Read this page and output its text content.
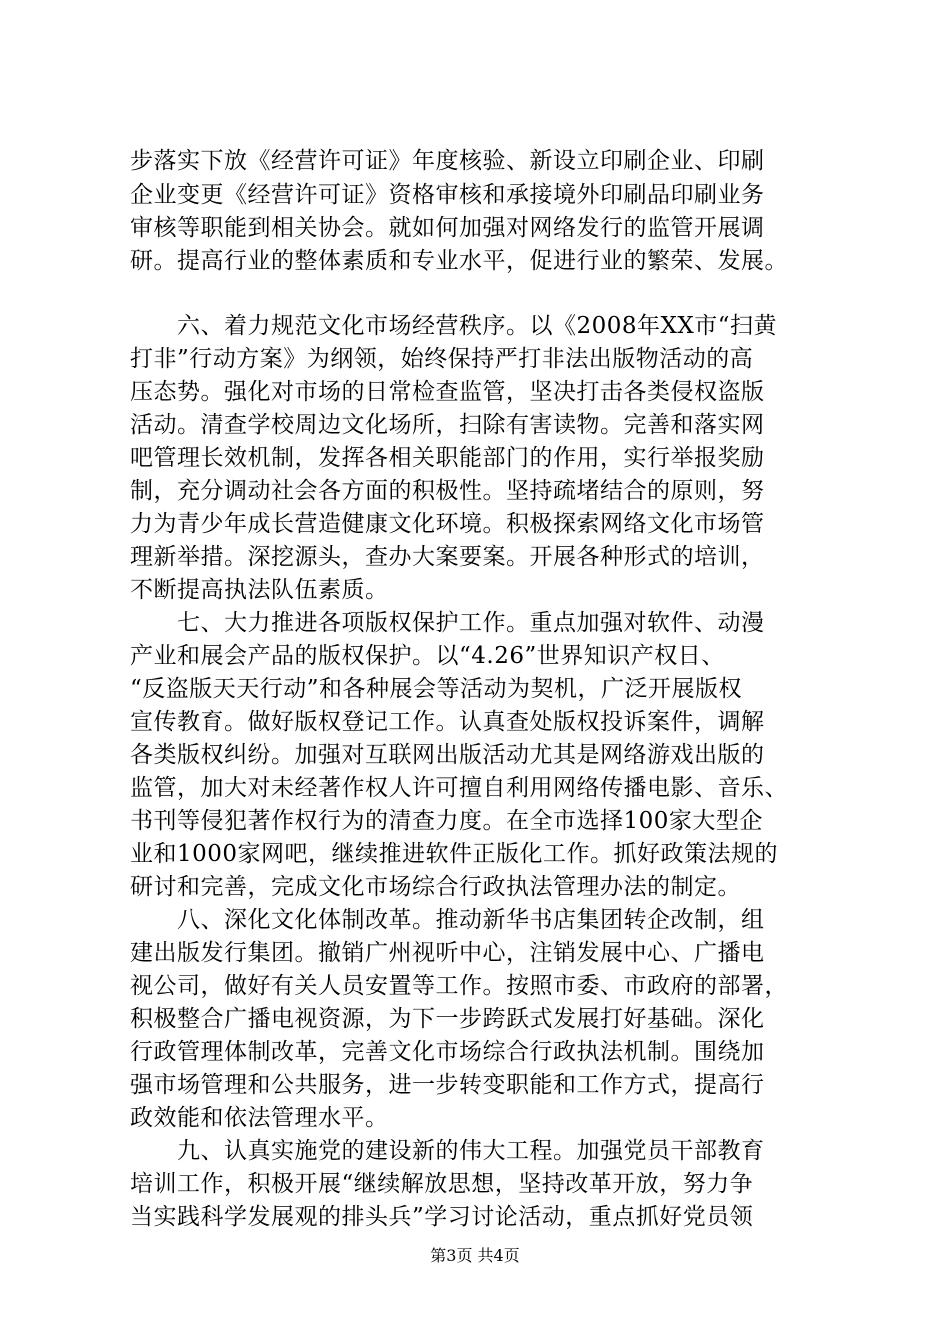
步落实下放《经营许可证》年度核验、新设立印刷企业、印刷
企业变更《经营许可证》资格审核和承接境外印刷品印刷业务
审核等职能到相关协会。就如何加强对网络发行的监管开展调
研。提高行业的整体素质和专业水平，促进行业的繁荣、发展。
　　六、着力规范文化市场经营秩序。以《2008年XX市“扫黄
打非”行动方案》为纲领，始终保持严打非法出版物活动的高
压态势。强化对市场的日常检查监管，坚决打击各类侵权盗版
活动。清查学校周边文化场所，扫除有害读物。完善和落实网
吧管理长效机制，发挥各相关职能部门的作用，实行举报奖励
制，充分调动社会各方面的积极性。坚持疏堵结合的原则，努
力为青少年成长营造健康文化环境。积极探索网络文化市场管
理新举措。深挖源头，查办大案要案。开展各种形式的培训，
不断提高执法队伍素质。
　　七、大力推进各项版权保护工作。重点加强对软件、动漫
产业和展会产品的版权保护。以“4.26”世界知识产权日、
“反盗版天天行动”和各种展会等活动为契机，广泛开展版权
宣传教育。做好版权登记工作。认真查处版权投诉案件，调解
各类版权纠纷。加强对互联网出版活动尤其是网络游戏出版的
监管，加大对未经著作权人许可擅自利用网络传播电影、音乐、
书刊等侵犯著作权行为的清查力度。在全市选择100家大型企
业和1000家网吧，继续推进软件正版化工作。抓好政策法规的
研讨和完善，完成文化市场综合行政执法管理办法的制定。
　　八、深化文化体制改革。推动新华书店集团转企改制，组
建出版发行集团。撤销广州视听中心，注销发展中心、广播电
视公司，做好有关人员安置等工作。按照市委、市政府的部署，
积极整合广播电视资源，为下一步跨跃式发展打好基础。深化
行政管理体制改革，完善文化市场综合行政执法机制。围绕加
强市场管理和公共服务，进一步转变职能和工作方式，提高行
政效能和依法管理水平。
　　九、认真实施党的建设新的伟大工程。加强党员干部教育
培训工作，积极开展“继续解放思想，坚持改革开放，努力争
当实践科学发展观的排头兵”学习讨论活动，重点抓好党员领
第3页 共4页
